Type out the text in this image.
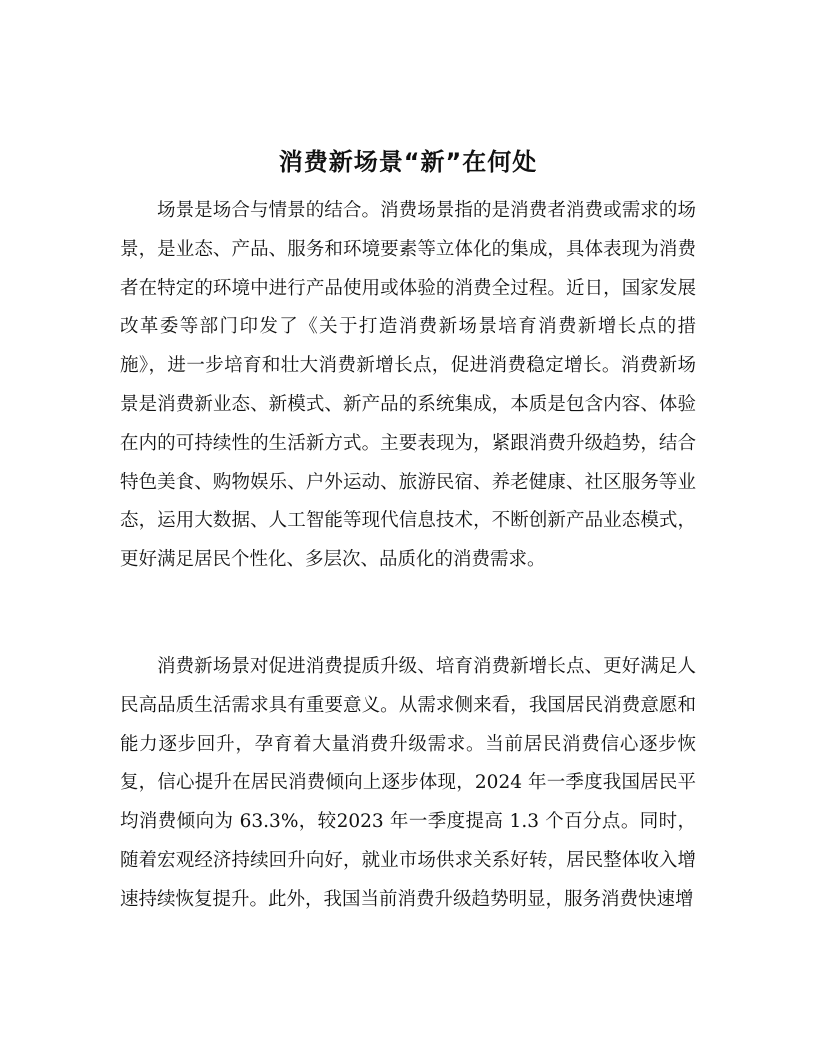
消费新场景“新”在何处

场景是场合与情景的结合。消费场景指的是消费者消费或需求的场景，是业态、产品、服务和环境要素等立体化的集成，具体表现为消费者在特定的环境中进行产品使用或体验的消费全过程。近日，国家发展改革委等部门印发了《关于打造消费新场景培育消费新增长点的措施》，进一步培育和壮大消费新增长点，促进消费稳定增长。消费新场景是消费新业态、新模式、新产品的系统集成，本质是包含内容、体验在内的可持续性的生活新方式。主要表现为，紧跟消费升级趋势，结合特色美食、购物娱乐、户外运动、旅游民宿、养老健康、社区服务等业态，运用大数据、人工智能等现代信息技术，不断创新产品业态模式，更好满足居民个性化、多层次、品质化的消费需求。

消费新场景对促进消费提质升级、培育消费新增长点、更好满足人民高品质生活需求具有重要意义。从需求侧来看，我国居民消费意愿和能力逐步回升，孕育着大量消费升级需求。当前居民消费信心逐步恢复，信心提升在居民消费倾向上逐步体现，2024 年一季度我国居民平均消费倾向为 63.3%，较2023 年一季度提高 1.3 个百分点。同时，随着宏观经济持续回升向好，就业市场供求关系好转，居民整体收入增速持续恢复提升。此外，我国当前消费升级趋势明显，服务消费快速增
